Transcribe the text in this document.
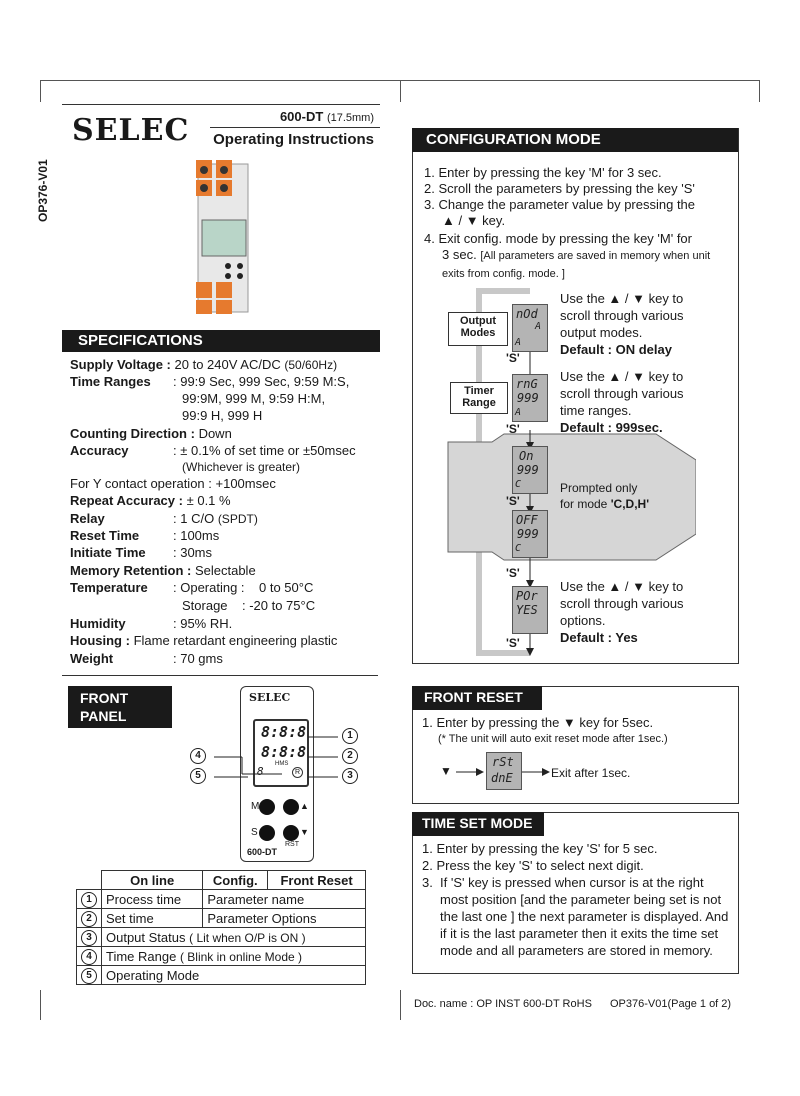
OP376-V01
SELEC	600-DT (17.5mm)
Operating Instructions
SPECIFICATIONS
Supply Voltage : 20 to 240V AC/DC (50/60Hz)
Time Ranges : 99:9 Sec, 999 Sec, 9:59 M:S,
99:9M, 999 M, 9:59 H:M,
99:9 H, 999 H
Counting Direction : Down
Accuracy	: ± 0.1% of set time or ±50msec
(Whichever is greater)
For Y contact operation : +100msec
Repeat Accuracy : ± 0.1 %
Relay	: 1 C/O (SPDT)
Reset Time	: 100ms
Initiate Time : 30ms
Memory Retention : Selectable
Temperature : Operating :    0 to 50°C
Storage    : -20 to 75°C
Humidity	: 95% RH.
Housing : Flame retardant engineering plastic
Weight	: 70 gms
FRONT PANEL
DESCRIPTION
SELEC
8:8:8
8:8:8
HMS
8	R
M	▲
S	▼
RST
600-DT
1
2
3
4
5
	On line	Config.	Front Reset
1	Process time	Parameter name	
2	Set time	Parameter Options	
3	Output Status ( Lit when O/P is ON )		
4	Time Range ( Blink in online Mode )		
5	Operating Mode		
CONFIGURATION MODE
1. Enter by pressing the key 'M' for 3 sec.
2. Scroll the parameters by pressing the key 'S'
3. Change the parameter value by pressing the
▲ / ▼ key.
4. Exit config. mode by pressing the key 'M' for
3 sec. [All parameters are saved in memory when unit exits from config. mode. ]
Output Modes
Timer Range
nOd
A
A
'S'
rnG
999
A
'S'
On
999
C
'S'
OFF
999
C
'S'
POr
YES
'S'
Use the ▲ / ▼ key to scroll through various output modes.
Default : ON delay
Use the ▲ / ▼ key to scroll through various time ranges.
Default : 999sec.
Prompted only
for mode 'C,D,H'
Use the ▲ / ▼ key to scroll through various options.
Default : Yes
FRONT RESET
1. Enter by pressing the ▼ key for 5sec.
(* The unit will auto exit reset mode after 1sec.)
▼
rSt
dnE	Exit after 1sec.
TIME SET MODE
1. Enter by pressing the key 'S' for 5 sec.
2. Press the key 'S' to select next digit.
3. If 'S' key is pressed when cursor is at the right most position [and the parameter being set is not the last one ] the next parameter is displayed. And if it is the last parameter then it exits the time set mode and all parameters are stored in memory.
Doc. name : OP INST 600-DT RoHS OP376-V01(Page 1 of 2)
